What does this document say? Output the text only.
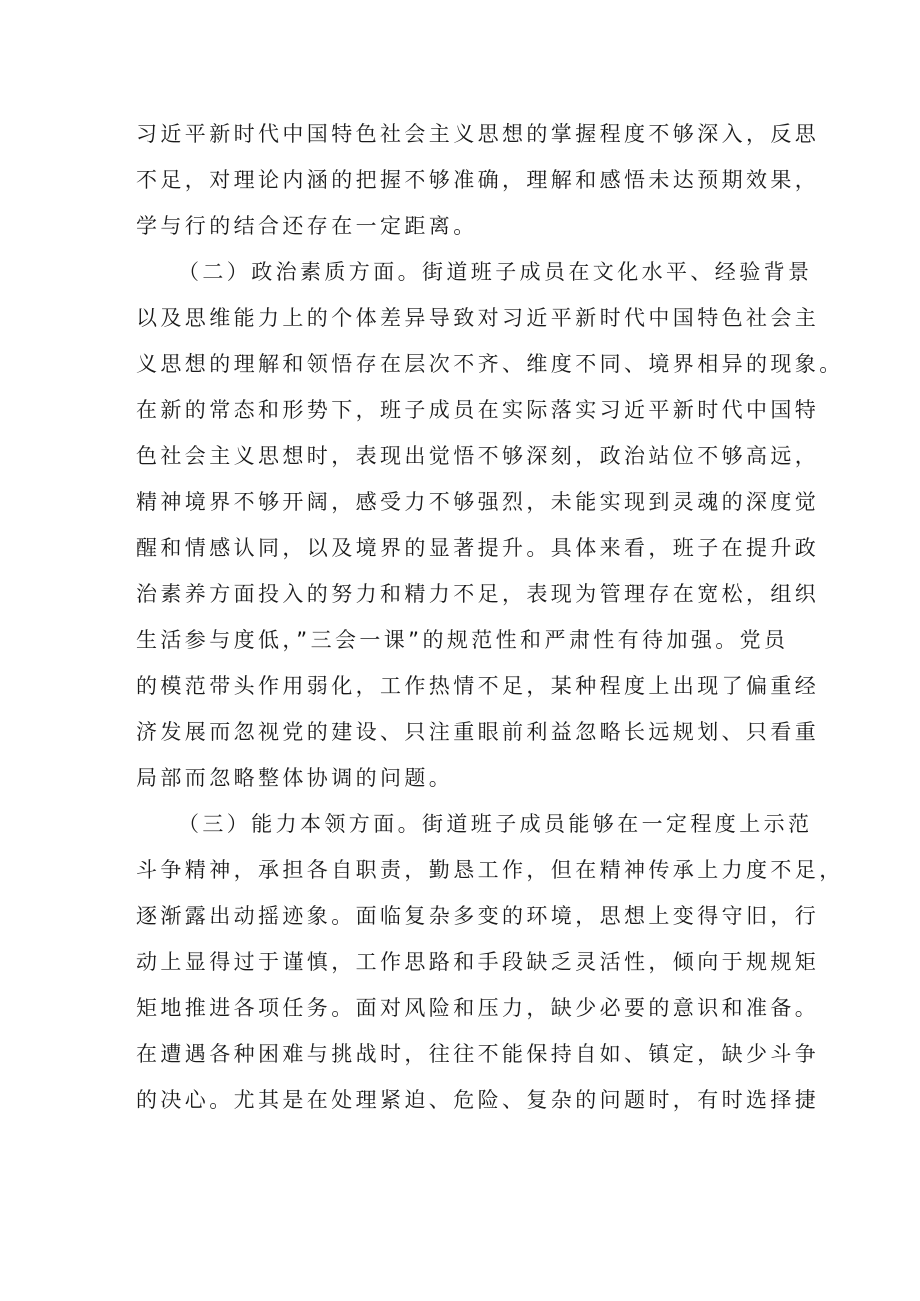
习近平新时代中国特色社会主义思想的掌握程度不够深入，反思
不足，对理论内涵的把握不够准确，理解和感悟未达预期效果，
学与行的结合还存在一定距离。
（二）政治素质方面。街道班子成员在文化水平、经验背景
以及思维能力上的个体差异导致对习近平新时代中国特色社会主
义思想的理解和领悟存在层次不齐、维度不同、境界相异的现象。
在新的常态和形势下，班子成员在实际落实习近平新时代中国特
色社会主义思想时，表现出觉悟不够深刻，政治站位不够高远，
精神境界不够开阔，感受力不够强烈，未能实现到灵魂的深度觉
醒和情感认同，以及境界的显著提升。具体来看，班子在提升政
治素养方面投入的努力和精力不足，表现为管理存在宽松，组织
生活参与度低，”三会一课”的规范性和严肃性有待加强。党员
的模范带头作用弱化，工作热情不足，某种程度上出现了偏重经
济发展而忽视党的建设、只注重眼前利益忽略长远规划、只看重
局部而忽略整体协调的问题。
（三）能力本领方面。街道班子成员能够在一定程度上示范
斗争精神，承担各自职责，勤恳工作，但在精神传承上力度不足，
逐渐露出动摇迹象。面临复杂多变的环境，思想上变得守旧，行
动上显得过于谨慎，工作思路和手段缺乏灵活性，倾向于规规矩
矩地推进各项任务。面对风险和压力，缺少必要的意识和准备。
在遭遇各种困难与挑战时，往往不能保持自如、镇定，缺少斗争
的决心。尤其是在处理紧迫、危险、复杂的问题时，有时选择捷
